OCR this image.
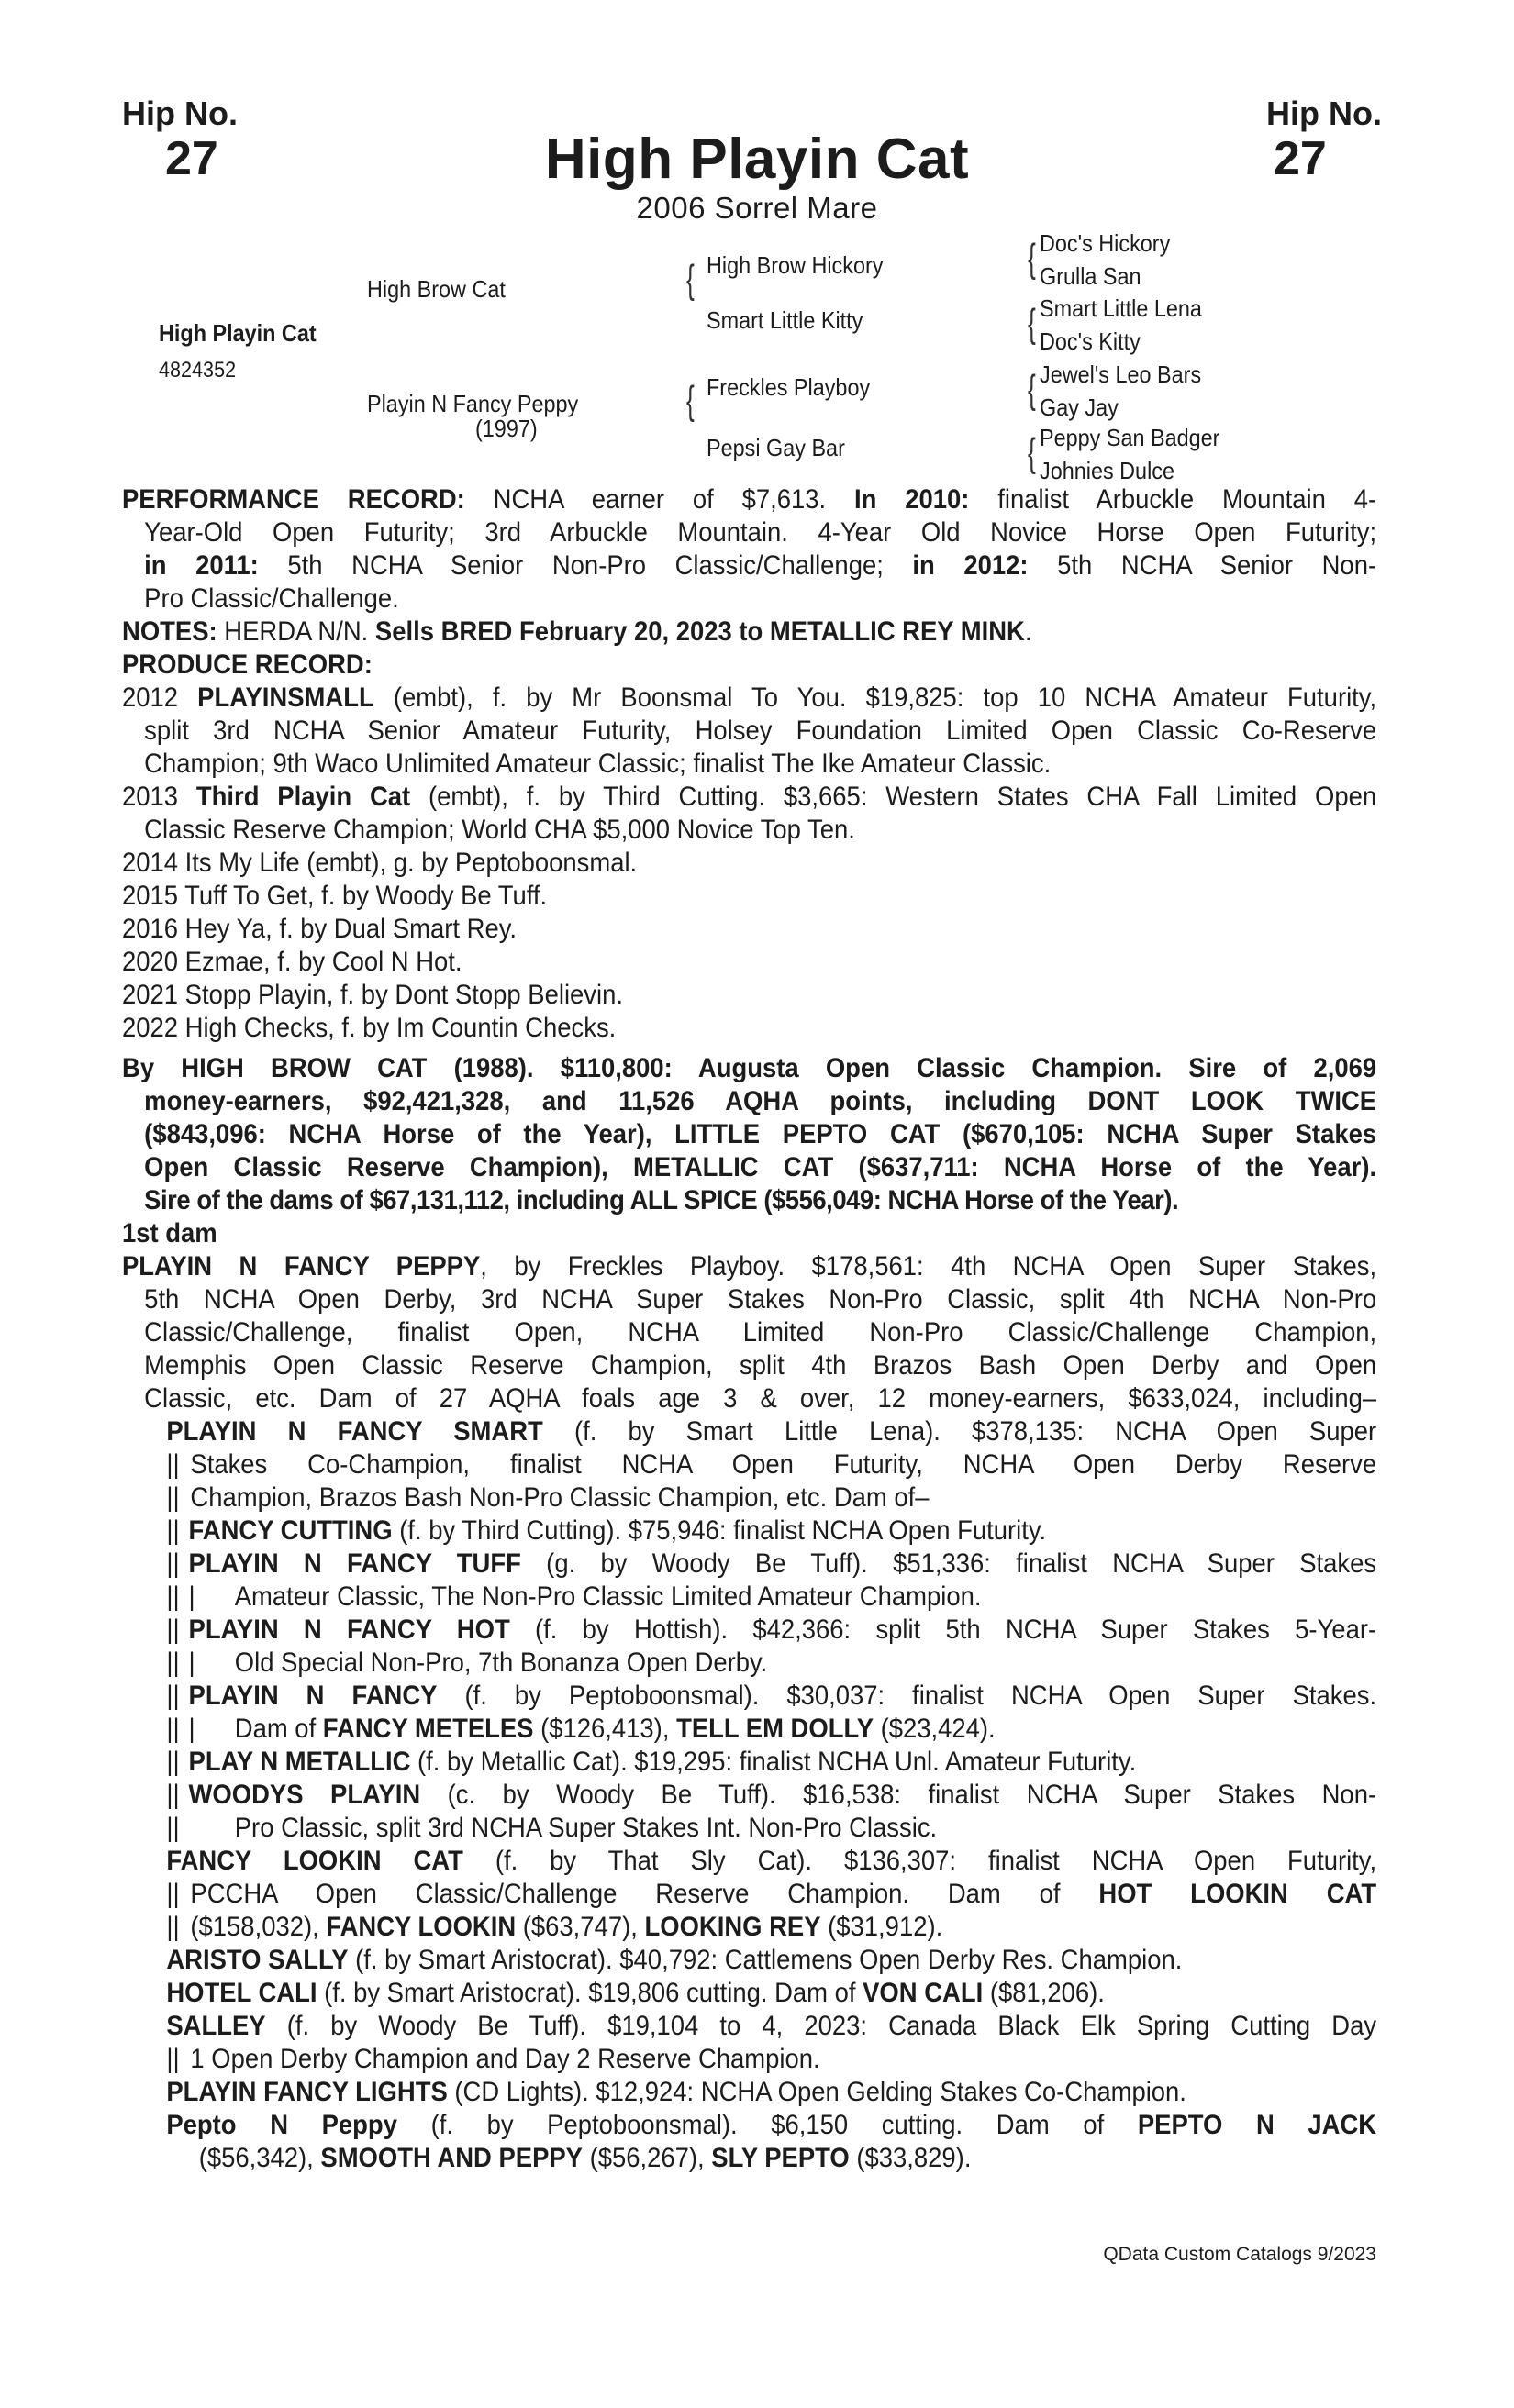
Hip No.
27
Hip No.
27
High Playin Cat
2006 Sorrel Mare
High Playin Cat
4824352
High Brow Cat
Playin N Fancy Peppy
(1997)
{ High Brow Hickory
Smart Little Kitty
{ Freckles Playboy
Pepsi Gay Bar
{ Doc's Hickory
Grulla San
{ Smart Little Lena
Doc's Kitty
{ Jewel's Leo Bars
Gay Jay
{ Peppy San Badger
Johnies Dulce
PERFORMANCE RECORD: NCHA earner of $7,613. In 2010: finalist Arbuckle Mountain 4-
Year-Old Open Futurity; 3rd Arbuckle Mountain. 4-Year Old Novice Horse Open Futurity;
in 2011: 5th NCHA Senior Non-Pro Classic/Challenge; in 2012: 5th NCHA Senior Non-
Pro Classic/Challenge.
NOTES: HERDA N/N. Sells BRED February 20, 2023 to METALLIC REY MINK.
PRODUCE RECORD:
2012 PLAYINSMALL (embt), f. by Mr Boonsmal To You. $19,825: top 10 NCHA Amateur Futurity,
split 3rd NCHA Senior Amateur Futurity, Holsey Foundation Limited Open Classic Co-Reserve
Champion; 9th Waco Unlimited Amateur Classic; finalist The Ike Amateur Classic.
2013 Third Playin Cat (embt), f. by Third Cutting. $3,665: Western States CHA Fall Limited Open
Classic Reserve Champion; World CHA $5,000 Novice Top Ten.
2014 Its My Life (embt), g. by Peptoboonsmal.
2015 Tuff To Get, f. by Woody Be Tuff.
2016 Hey Ya, f. by Dual Smart Rey.
2020 Ezmae, f. by Cool N Hot.
2021 Stopp Playin, f. by Dont Stopp Believin.
2022 High Checks, f. by Im Countin Checks.
By HIGH BROW CAT (1988). $110,800: Augusta Open Classic Champion. Sire of 2,069
money-earners, $92,421,328, and 11,526 AQHA points, including DONT LOOK TWICE
($843,096: NCHA Horse of the Year), LITTLE PEPTO CAT ($670,105: NCHA Super Stakes
Open Classic Reserve Champion), METALLIC CAT ($637,711: NCHA Horse of the Year).
Sire of the dams of $67,131,112, including ALL SPICE ($556,049: NCHA Horse of the Year).
1st dam
PLAYIN N FANCY PEPPY, by Freckles Playboy. $178,561: 4th NCHA Open Super Stakes,
5th NCHA Open Derby, 3rd NCHA Super Stakes Non-Pro Classic, split 4th NCHA Non-Pro
Classic/Challenge, finalist Open, NCHA Limited Non-Pro Classic/Challenge Champion,
Memphis Open Classic Reserve Champion, split 4th Brazos Bash Open Derby and Open
Classic, etc. Dam of 27 AQHA foals age 3 & over, 12 money-earners, $633,024, including–
PLAYIN N FANCY SMART (f. by Smart Little Lena). $378,135: NCHA Open Super
|| Stakes Co-Champion, finalist NCHA Open Futurity, NCHA Open Derby Reserve
|| Champion, Brazos Bash Non-Pro Classic Champion, etc. Dam of–
|| FANCY CUTTING (f. by Third Cutting). $75,946: finalist NCHA Open Futurity.
|| PLAYIN N FANCY TUFF (g. by Woody Be Tuff). $51,336: finalist NCHA Super Stakes
|| | Amateur Classic, The Non-Pro Classic Limited Amateur Champion.
|| PLAYIN N FANCY HOT (f. by Hottish). $42,366: split 5th NCHA Super Stakes 5-Year-
|| | Old Special Non-Pro, 7th Bonanza Open Derby.
|| PLAYIN N FANCY (f. by Peptoboonsmal). $30,037: finalist NCHA Open Super Stakes.
|| | Dam of FANCY METELES ($126,413), TELL EM DOLLY ($23,424).
|| PLAY N METALLIC (f. by Metallic Cat). $19,295: finalist NCHA Unl. Amateur Futurity.
|| WOODYS PLAYIN (c. by Woody Be Tuff). $16,538: finalist NCHA Super Stakes Non-
|| Pro Classic, split 3rd NCHA Super Stakes Int. Non-Pro Classic.
FANCY LOOKIN CAT (f. by That Sly Cat). $136,307: finalist NCHA Open Futurity,
|| PCCHA Open Classic/Challenge Reserve Champion. Dam of HOT LOOKIN CAT
|| ($158,032), FANCY LOOKIN ($63,747), LOOKING REY ($31,912).
ARISTO SALLY (f. by Smart Aristocrat). $40,792: Cattlemens Open Derby Res. Champion.
HOTEL CALI (f. by Smart Aristocrat). $19,806 cutting. Dam of VON CALI ($81,206).
SALLEY (f. by Woody Be Tuff). $19,104 to 4, 2023: Canada Black Elk Spring Cutting Day
|| 1 Open Derby Champion and Day 2 Reserve Champion.
PLAYIN FANCY LIGHTS (CD Lights). $12,924: NCHA Open Gelding Stakes Co-Champion.
Pepto N Peppy (f. by Peptoboonsmal). $6,150 cutting. Dam of PEPTO N JACK
($56,342), SMOOTH AND PEPPY ($56,267), SLY PEPTO ($33,829).
QData Custom Catalogs 9/2023
